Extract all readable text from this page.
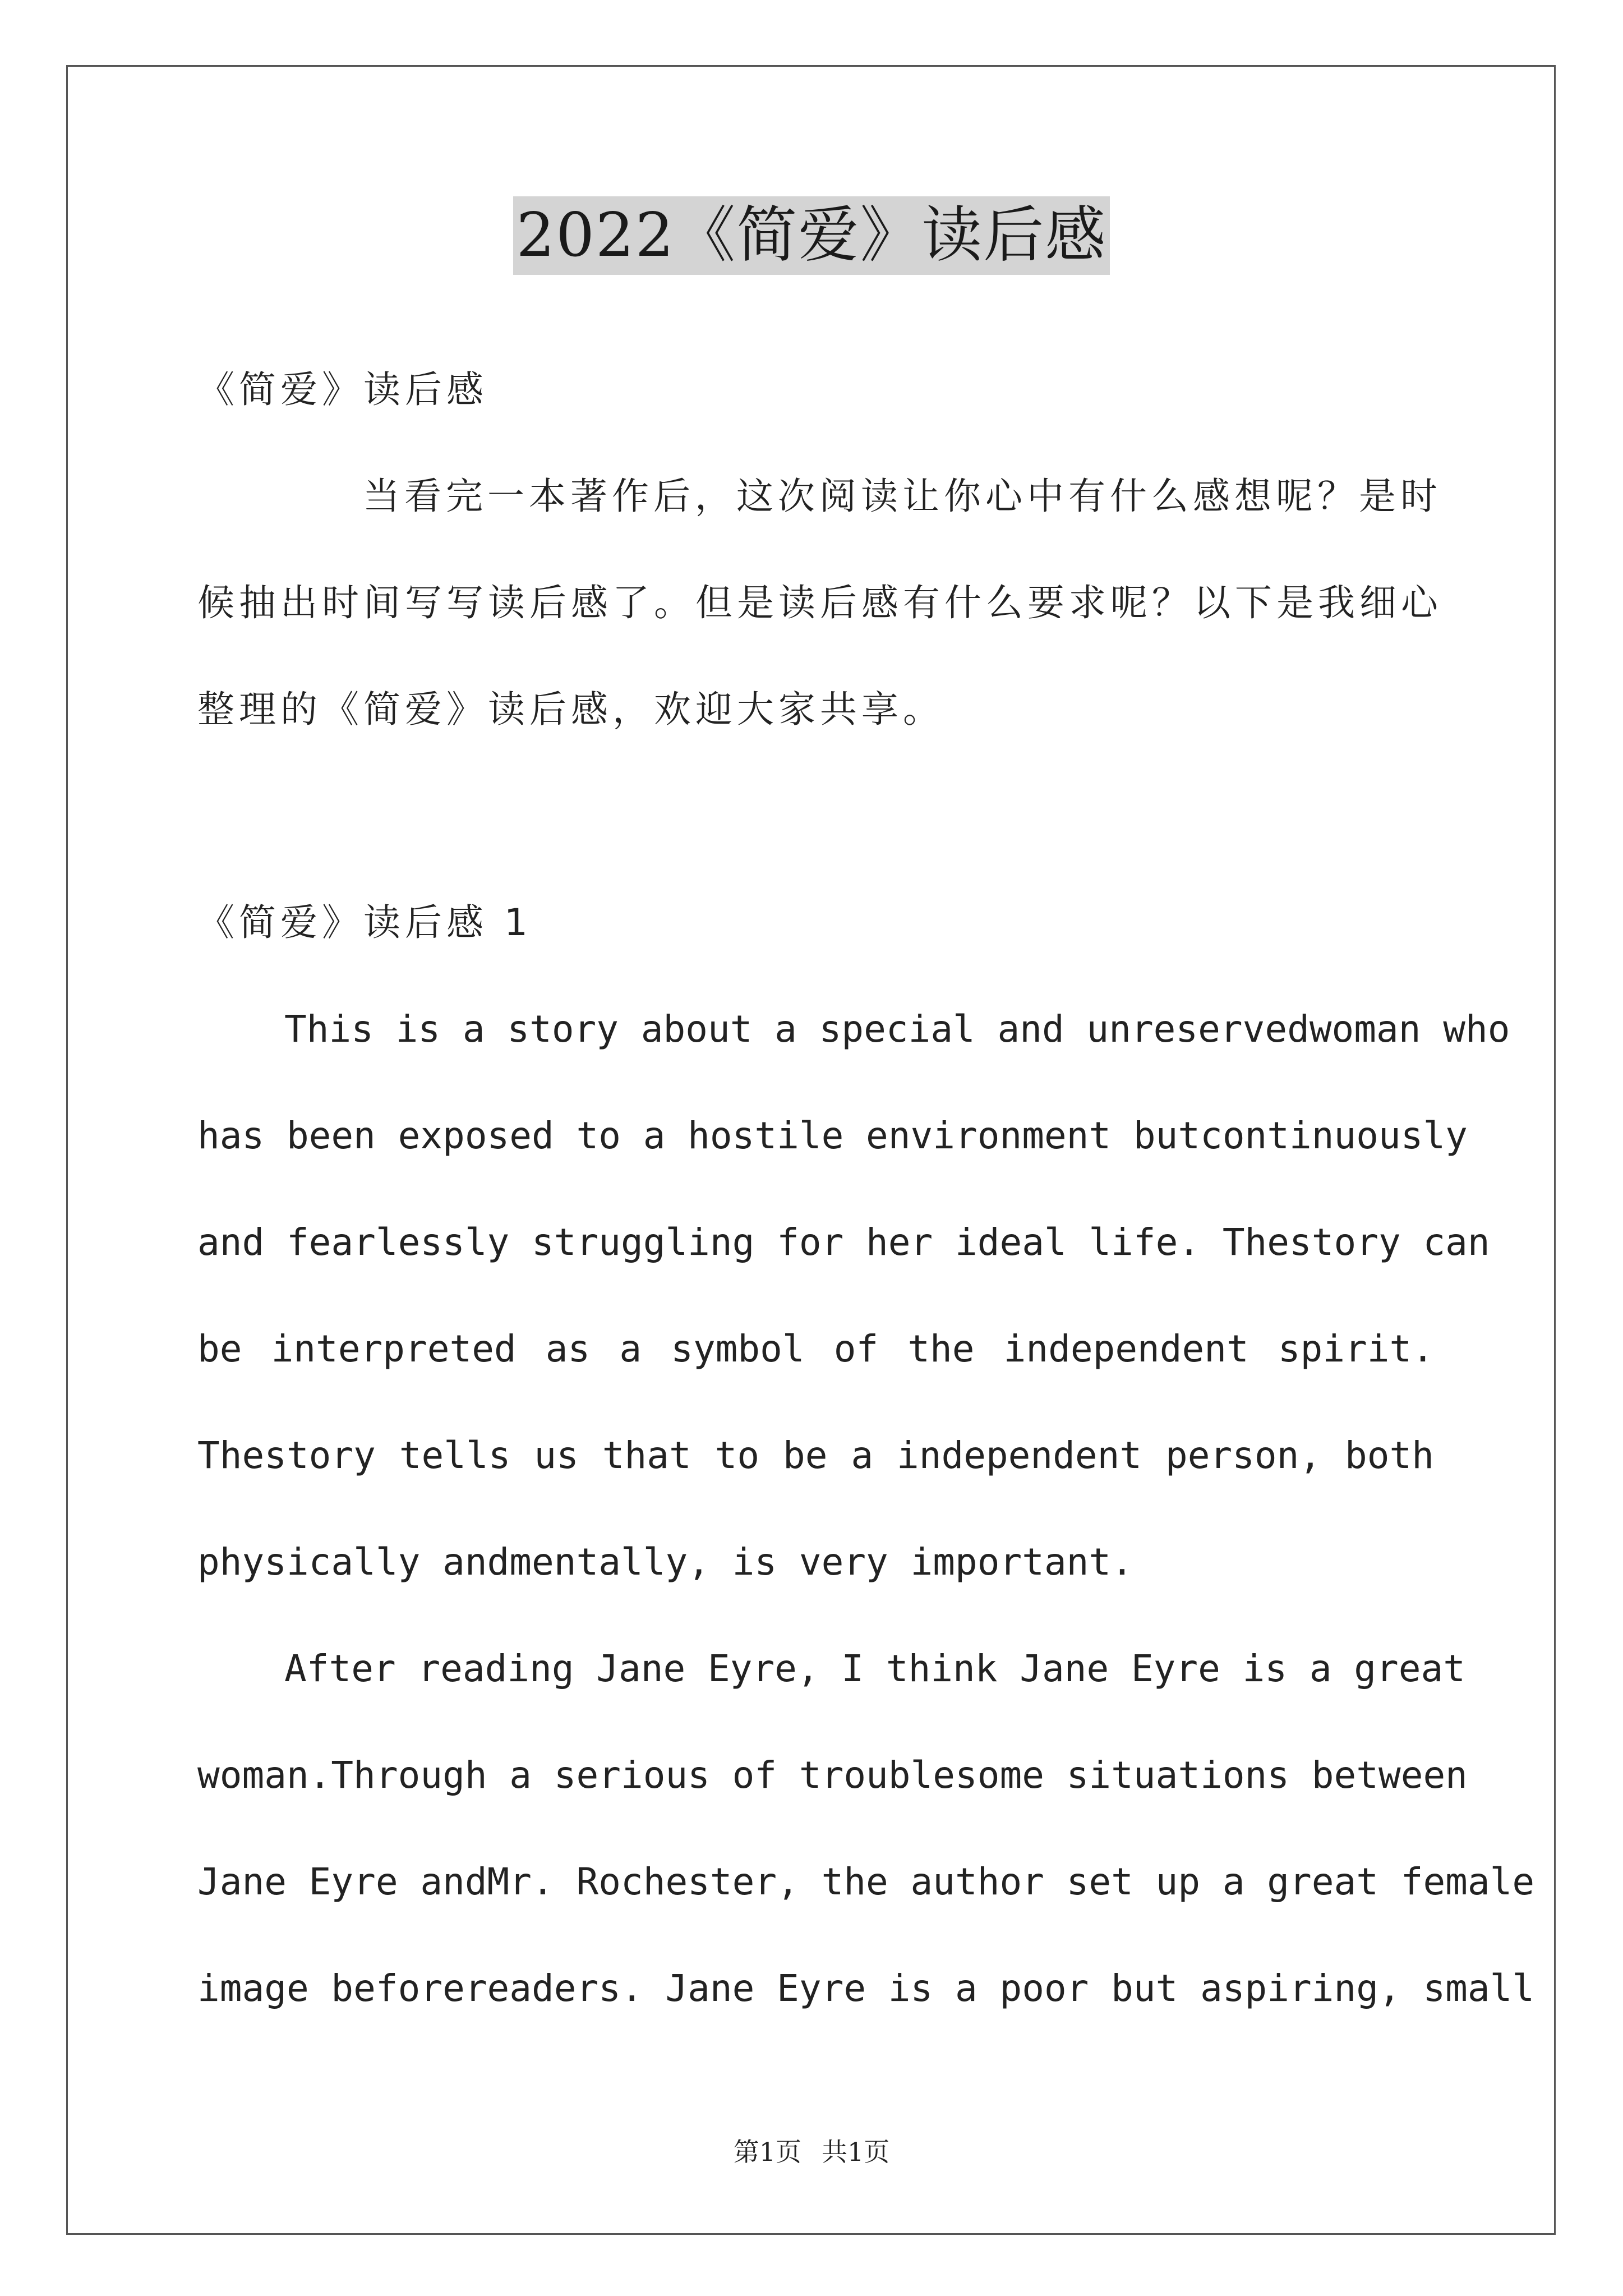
2022《简爱》读后感
《简爱》读后感
当看完一本著作后，这次阅读让你心中有什么感想呢？是时
候抽出时间写写读后感了。但是读后感有什么要求呢？以下是我细心
整理的《简爱》读后感，欢迎大家共享。
《简爱》读后感 1
This is a story about a special and unreservedwoman who
has been exposed to a hostile environment butcontinuously
and fearlessly struggling for her ideal life. Thestory can
be interpreted as a symbol of the independent spirit.
Thestory tells us that to be a independent person, both
physically andmentally, is very important.
After reading Jane Eyre, I think Jane Eyre is a great
woman.Through a serious of troublesome situations between
Jane Eyre andMr. Rochester, the author set up a great female
image beforereaders. Jane Eyre is a poor but aspiring, small
第1页 共1页
